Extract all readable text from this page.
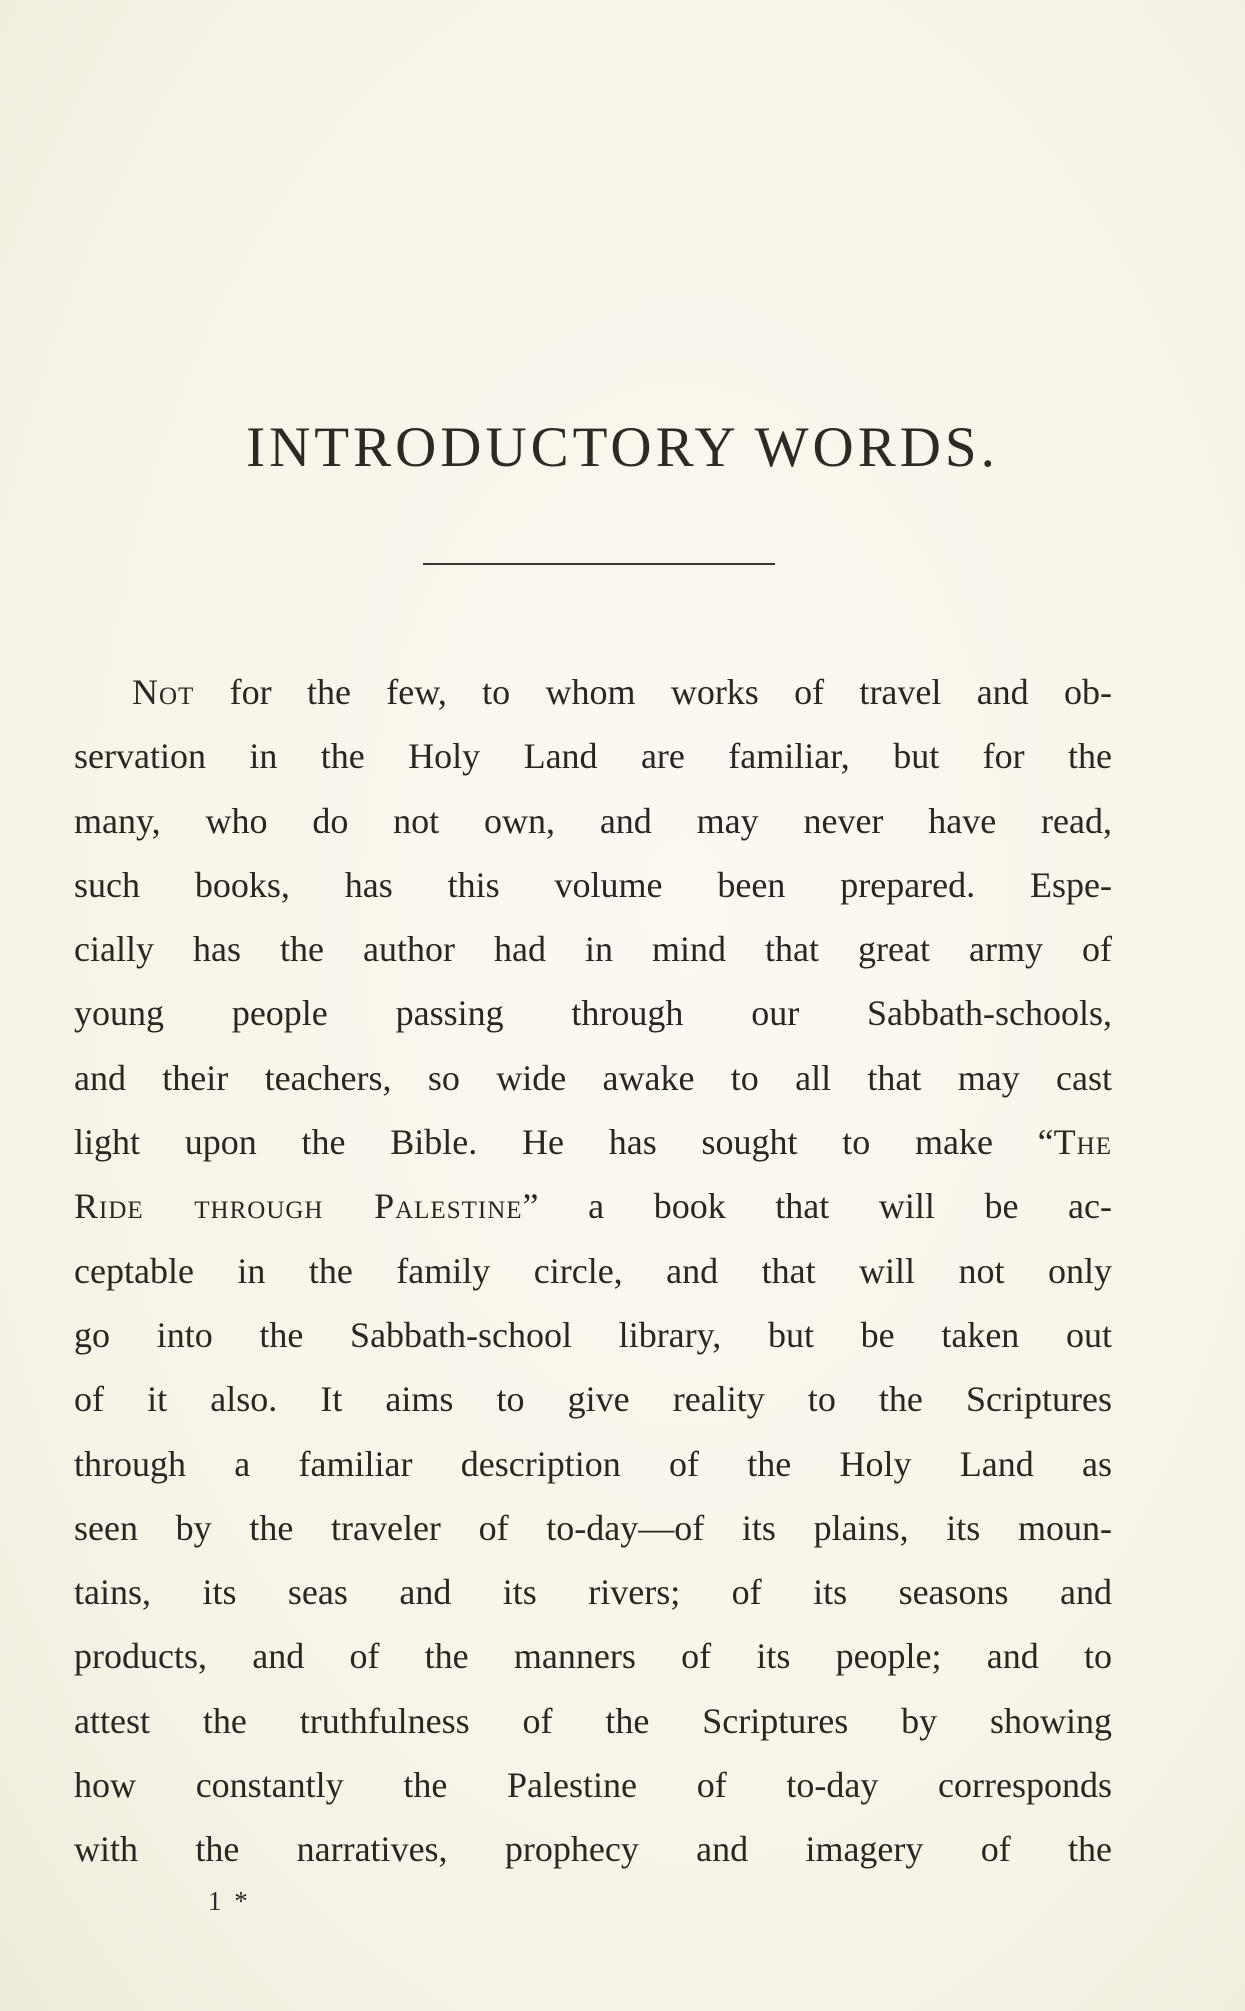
INTRODUCTORY WORDS.
Not for the few, to whom works of travel and ob-
servation in the Holy Land are familiar, but for the
many, who do not own, and may never have read,
such books, has this volume been prepared. Espe-
cially has the author had in mind that great army of
young people passing through our Sabbath-schools,
and their teachers, so wide awake to all that may cast
light upon the Bible. He has sought to make “The
Ride through Palestine” a book that will be ac-
ceptable in the family circle, and that will not only
go into the Sabbath-school library, but be taken out
of it also. It aims to give reality to the Scriptures
through a familiar description of the Holy Land as
seen by the traveler of to-day—of its plains, its moun-
tains, its seas and its rivers; of its seasons and
products, and of the manners of its people; and to
attest the truthfulness of the Scriptures by showing
how constantly the Palestine of to-day corresponds
with the narratives, prophecy and imagery of the
1 *
